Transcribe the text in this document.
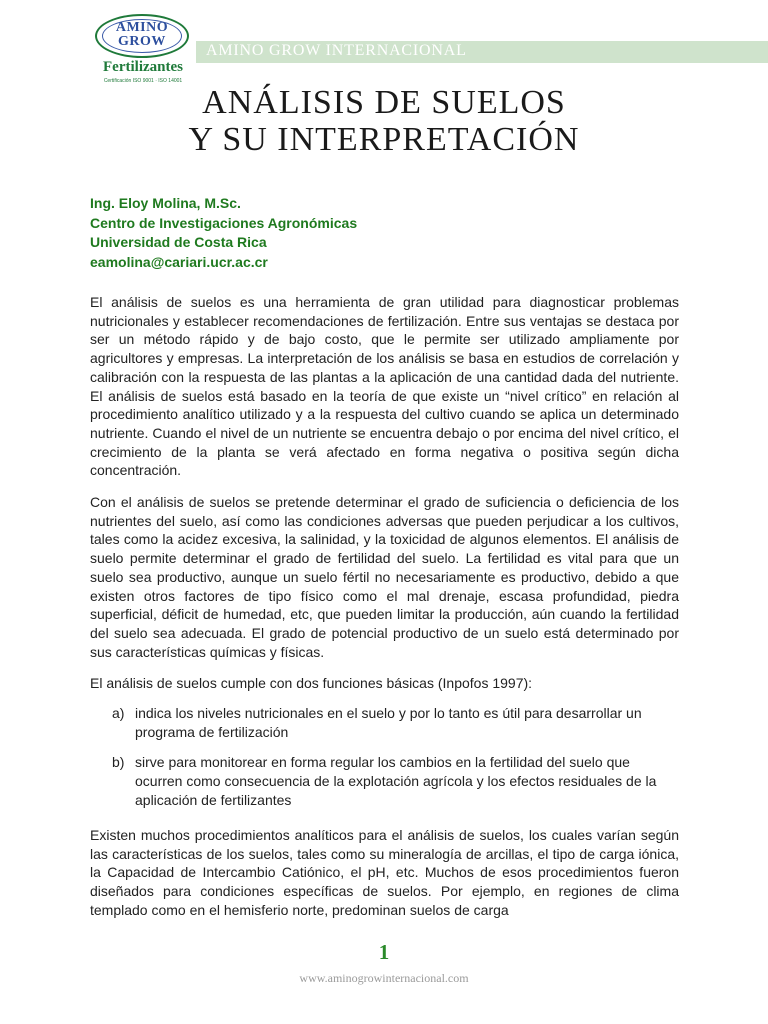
AMINO
GROW
Fertilizantes
Certificación ISO 9001 · ISO 14001
AMINO GROW INTERNACIONAL
ANÁLISIS DE SUELOS
Y SU INTERPRETACIÓN
Ing. Eloy Molina, M.Sc.
Centro de Investigaciones Agronómicas
Universidad de Costa Rica
eamolina@cariari.ucr.ac.cr

El análisis de suelos es una herramienta de gran utilidad para diagnosticar problemas nutricionales y establecer recomendaciones de fertilización. Entre sus ventajas se destaca por ser un método rápido y de bajo costo, que le permite ser utilizado ampliamente por agricultores y empresas. La interpretación de los análisis se basa en estudios de correlación y calibración con la respuesta de las plantas a la aplicación de una cantidad dada del nutriente. El análisis de suelos está basado en la teoría de que existe un “nivel crítico” en relación al procedimiento analítico utilizado y a la respuesta del cultivo cuando se aplica un determinado nutriente. Cuando el nivel de un nutriente se encuentra debajo o por encima del nivel crítico, el crecimiento de la planta se verá afectado en forma negativa o positiva según dicha concentración.

Con el análisis de suelos se pretende determinar el grado de suficiencia o deficiencia de los nutrientes del suelo, así como las condiciones adversas que pueden perjudicar a los cultivos, tales como la acidez excesiva, la salinidad, y la toxicidad de algunos elementos. El análisis de suelo permite determinar el grado de fertilidad del suelo. La fertilidad es vital para que un suelo sea productivo, aunque un suelo fértil no necesariamente es productivo, debido a que existen otros factores de tipo físico como el mal drenaje, escasa profundidad, piedra superficial, déficit de humedad, etc, que pueden limitar la producción, aún cuando la fertilidad del suelo sea adecuada. El grado de potencial productivo de un suelo está determinado por sus características químicas y físicas.

El análisis de suelos cumple con dos funciones básicas (Inpofos 1997):

a) indica los niveles nutricionales en el suelo y por lo tanto es útil para desarrollar un programa de fertilización
b) sirve para monitorear en forma regular los cambios en la fertilidad del suelo que ocurren como consecuencia de la explotación agrícola y los efectos residuales de la aplicación de fertilizantes

Existen muchos procedimientos analíticos para el análisis de suelos, los cuales varían según las características de los suelos, tales como su mineralogía de arcillas, el tipo de carga iónica, la Capacidad de Intercambio Catiónico, el pH, etc. Muchos de esos procedimientos fueron diseñados para condiciones específicas de suelos. Por ejemplo, en regiones de clima templado como en el hemisferio norte, predominan suelos de carga

1
www.aminogrowinternacional.com
